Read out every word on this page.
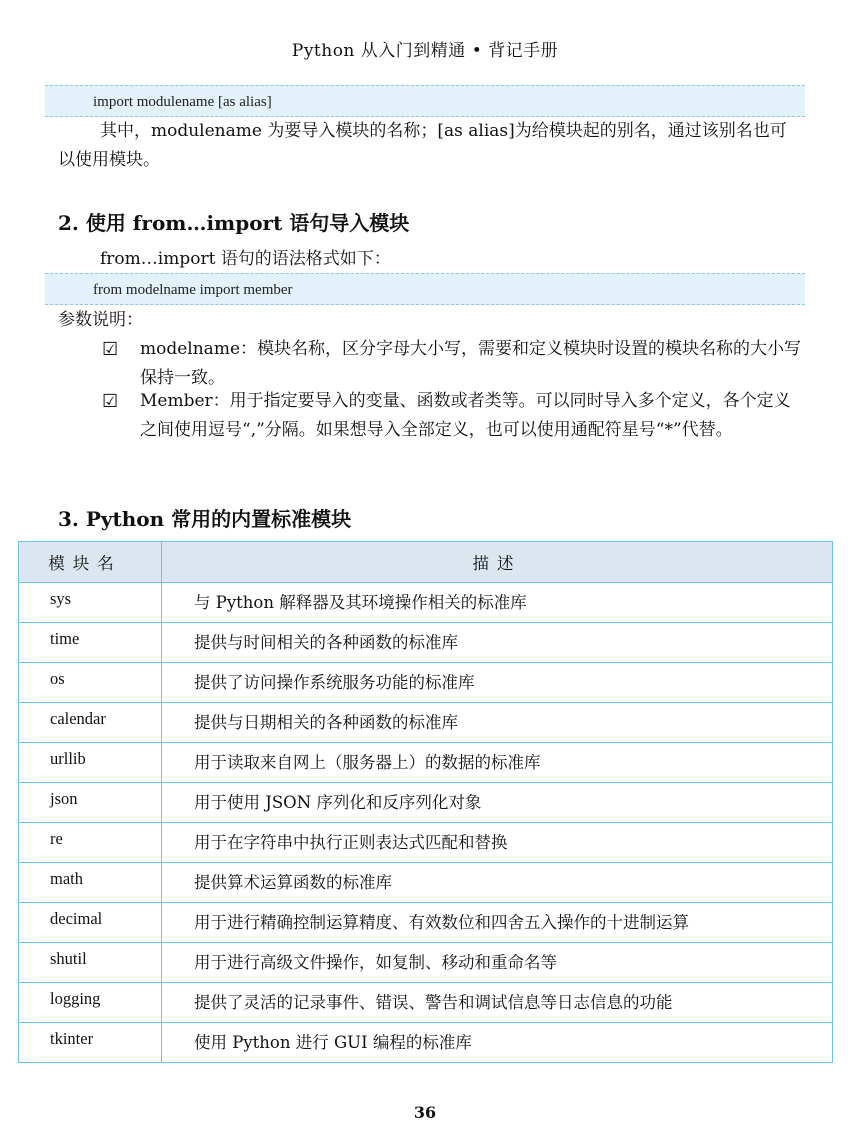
Python 从入门到精通 • 背记手册
import modulename [as alias]
其中，modulename 为要导入模块的名称；[as alias]为给模块起的别名，通过该别名也可以使用模块。
2. 使用 from…import 语句导入模块
from…import 语句的语法格式如下：
from modelname import member
参数说明：
☑	modelname：模块名称，区分字母大小写，需要和定义模块时设置的模块名称的大小写保持一致。
☑	Member：用于指定要导入的变量、函数或者类等。可以同时导入多个定义，各个定义之间使用逗号“,”分隔。如果想导入全部定义，也可以使用通配符星号“*”代替。
3. Python 常用的内置标准模块
模块名	描述
sys	与 Python 解释器及其环境操作相关的标准库
time	提供与时间相关的各种函数的标准库
os	提供了访问操作系统服务功能的标准库
calendar	提供与日期相关的各种函数的标准库
urllib	用于读取来自网上（服务器上）的数据的标准库
json	用于使用 JSON 序列化和反序列化对象
re	用于在字符串中执行正则表达式匹配和替换
math	提供算术运算函数的标准库
decimal	用于进行精确控制运算精度、有效数位和四舍五入操作的十进制运算
shutil	用于进行高级文件操作，如复制、移动和重命名等
logging	提供了灵活的记录事件、错误、警告和调试信息等日志信息的功能
tkinter	使用 Python 进行 GUI 编程的标准库
36
